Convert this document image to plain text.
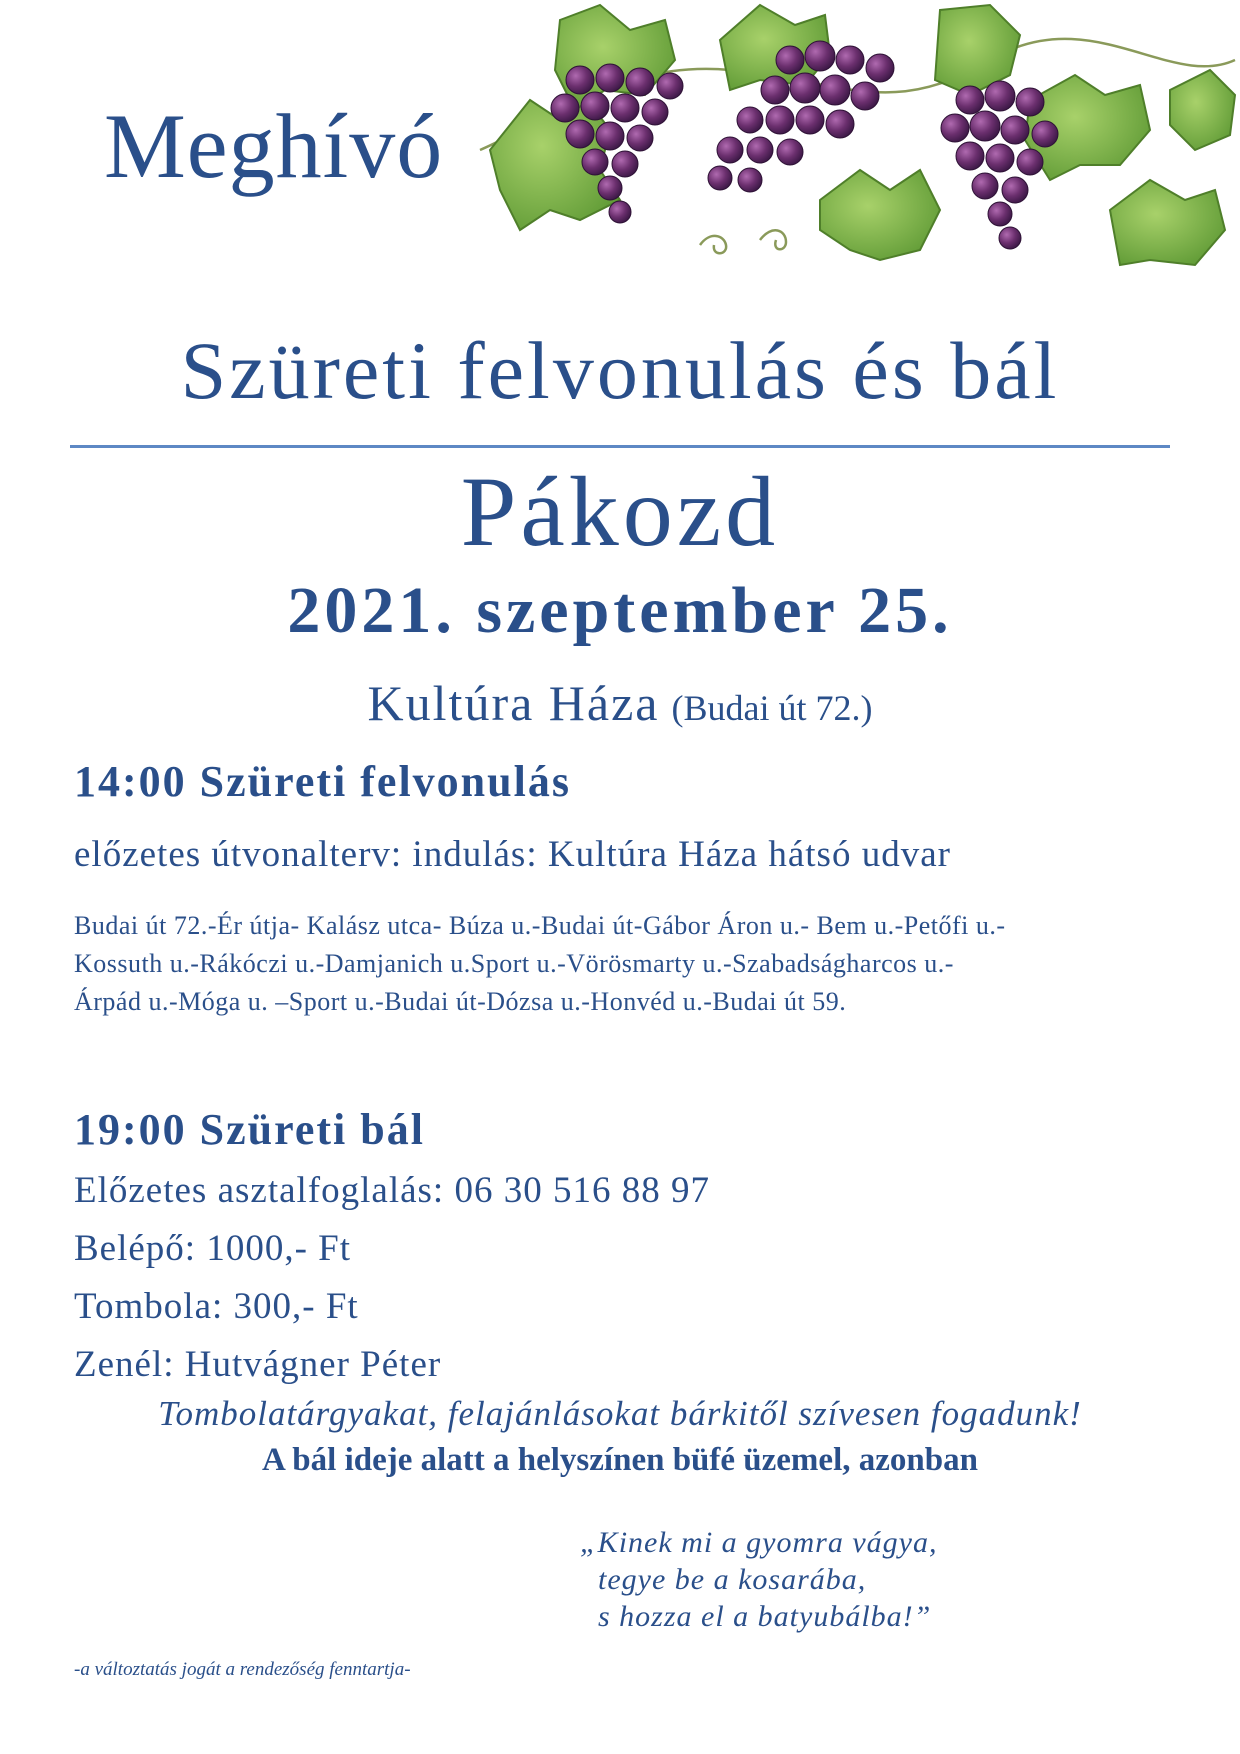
Meghívó
Szüreti felvonulás és bál
Pákozd
2021. szeptember 25.
Kultúra Háza (Budai út 72.)
14:00 Szüreti felvonulás
előzetes útvonalterv: indulás: Kultúra Háza hátsó udvar
Budai út 72.-Ér útja- Kalász utca- Búza u.-Budai út-Gábor Áron u.- Bem u.-Petőfi u.-
Kossuth u.-Rákóczi u.-Damjanich u.Sport u.-Vörösmarty u.-Szabadságharcos u.-
Árpád u.-Móga u. –Sport u.-Budai út-Dózsa u.-Honvéd u.-Budai út 59.
19:00 Szüreti bál
Előzetes asztalfoglalás: 06 30 516 88 97
Belépő: 1000,- Ft
Tombola: 300,- Ft
Zenél: Hutvágner Péter
Tombolatárgyakat, felajánlásokat bárkitől szívesen fogadunk!
A bál ideje alatt a helyszínen büfé üzemel, azonban
„Kinek mi a gyomra vágya,
tegye be a kosarába,
s hozza el a batyubálba!”
-a változtatás jogát a rendezőség fenntartja-
